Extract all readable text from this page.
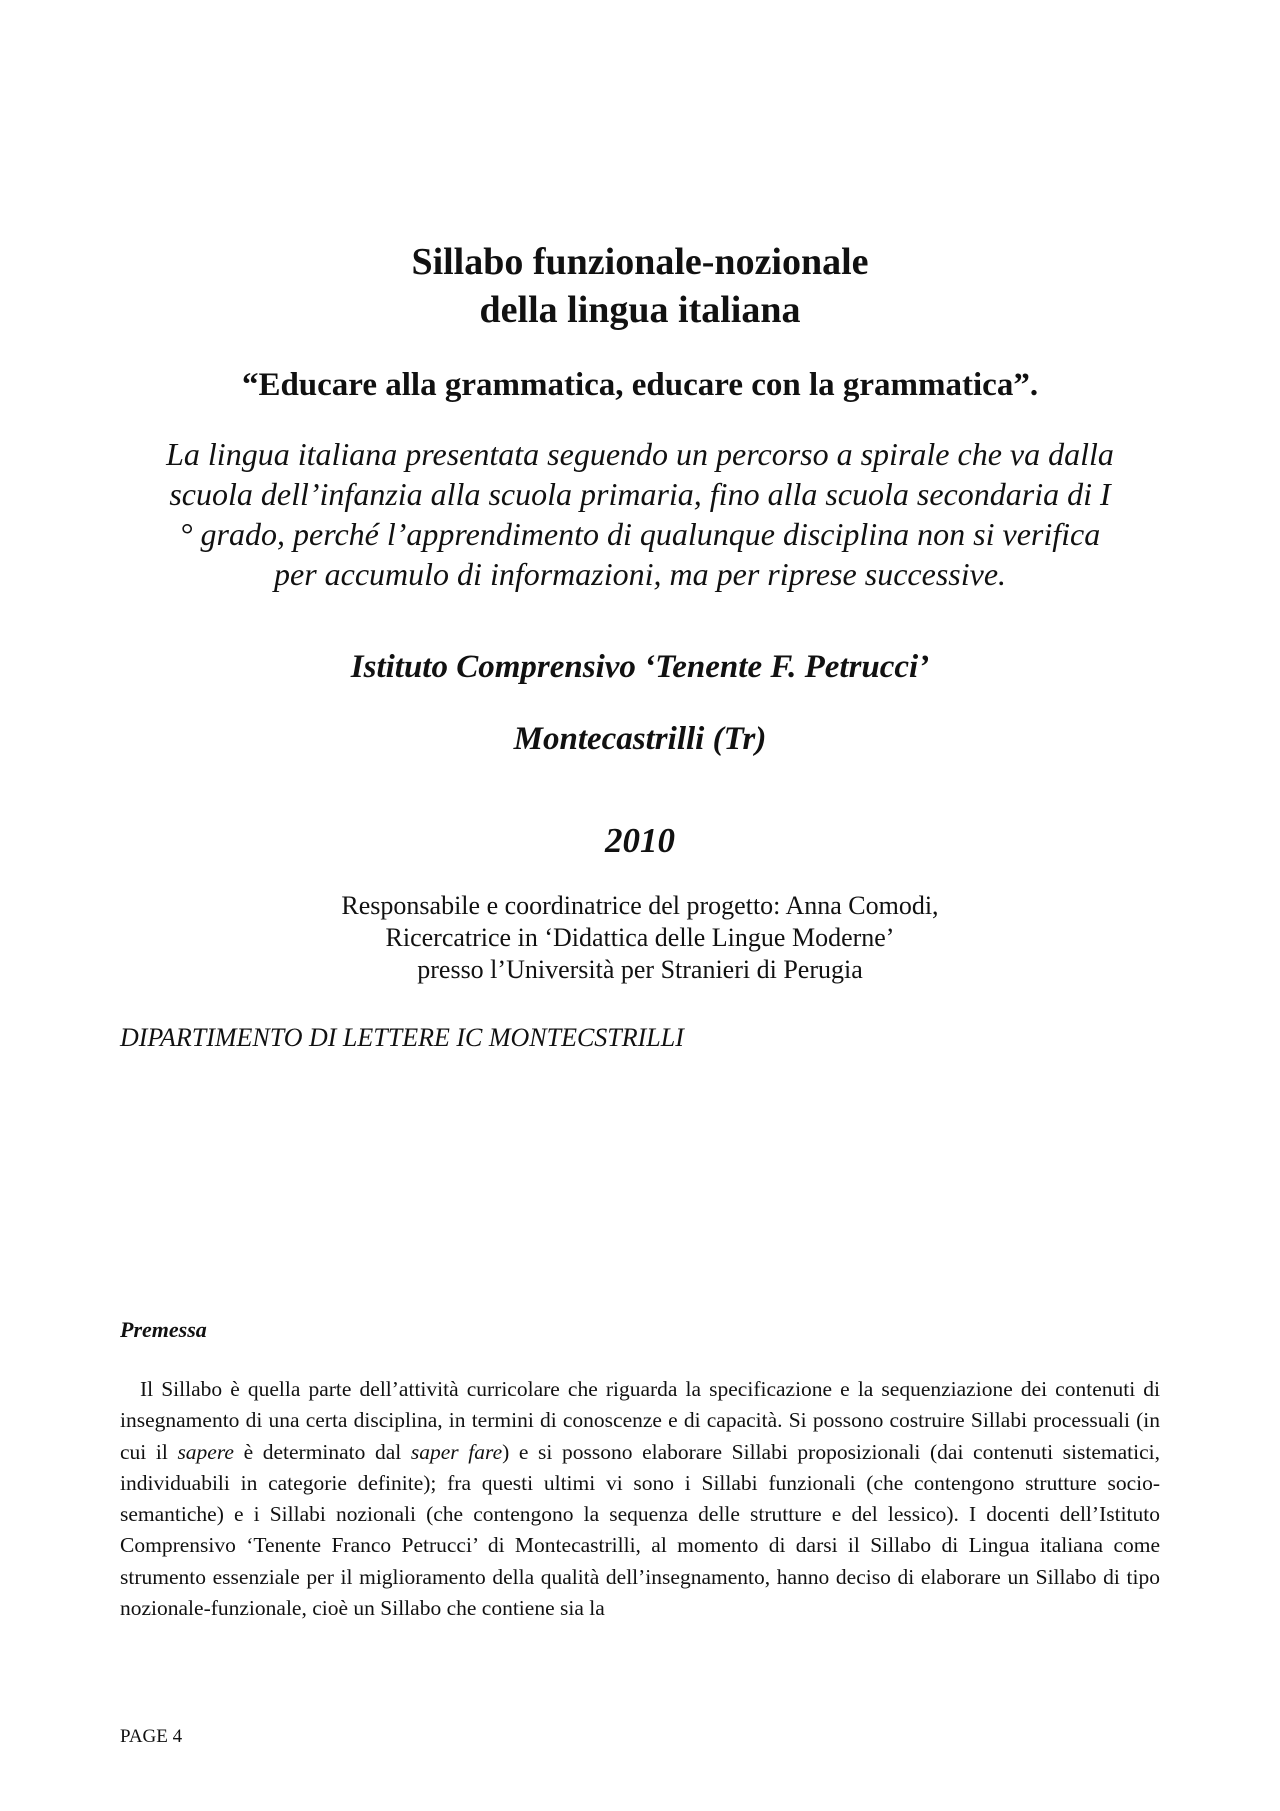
Sillabo funzionale-nozionale
della lingua italiana
“Educare alla grammatica, educare con la grammatica”.
La lingua italiana presentata seguendo un percorso a spirale che va dalla
scuola dell’infanzia alla scuola primaria, fino alla scuola secondaria di I
° grado, perché l’apprendimento di qualunque disciplina non si verifica
per accumulo di informazioni, ma per riprese successive.
Istituto Comprensivo ‘Tenente F. Petrucci’
Montecastrilli (Tr)
2010
Responsabile e coordinatrice del progetto: Anna Comodi,
Ricercatrice in ‘Didattica delle Lingue Moderne’
presso l’Università per Stranieri di Perugia
DIPARTIMENTO DI LETTERE IC MONTECSTRILLI
Premessa
Il Sillabo è quella parte dell’attività curricolare che riguarda la specificazione e la sequenziazione dei contenuti di insegnamento di una certa disciplina, in termini di conoscenze e di capacità. Si possono costruire Sillabi processuali (in cui il sapere è determinato dal saper fare) e si possono elaborare Sillabi proposizionali (dai contenuti sistematici, individuabili in categorie definite); fra questi ultimi vi sono i Sillabi funzionali (che contengono strutture socio-semantiche) e i Sillabi nozionali (che contengono la sequenza delle strutture e del lessico). I docenti dell’Istituto Comprensivo ‘Tenente Franco Petrucci’ di Montecastrilli, al momento di darsi il Sillabo di Lingua italiana come strumento essenziale per il miglioramento della qualità dell’insegnamento, hanno deciso di elaborare un Sillabo di tipo nozionale-funzionale, cioè un Sillabo che contiene sia la
PAGE 4
